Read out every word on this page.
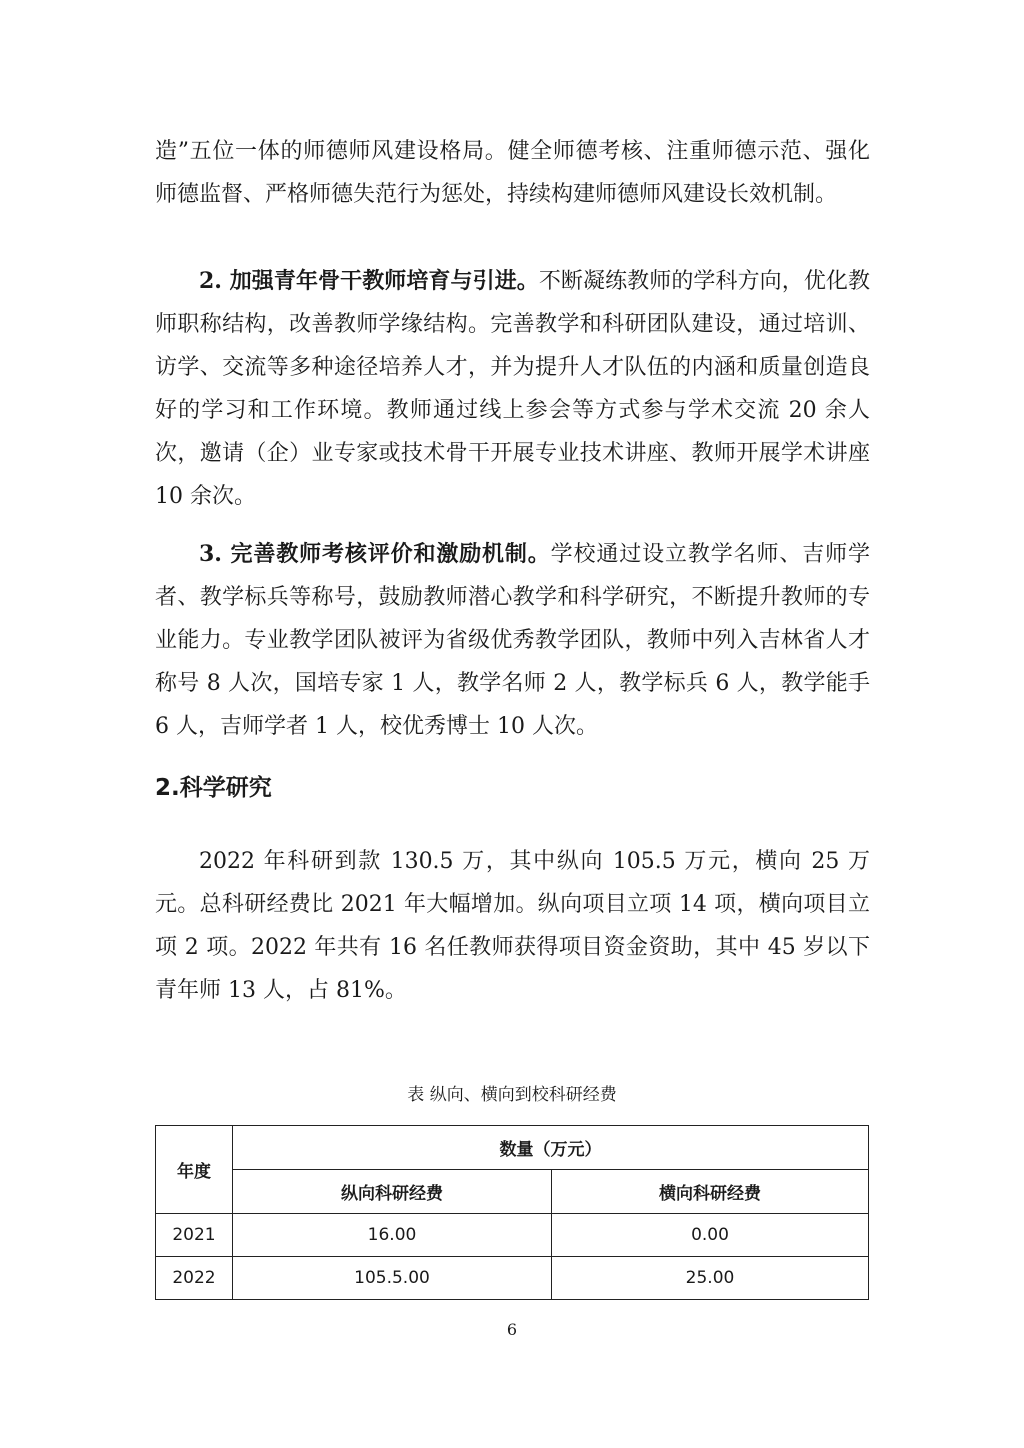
造”五位一体的师德师风建设格局。健全师德考核、注重师德示范、强化师德监督、严格师德失范行为惩处，持续构建师德师风建设长效机制。
2. 加强青年骨干教师培育与引进。不断凝练教师的学科方向，优化教师职称结构，改善教师学缘结构。完善教学和科研团队建设，通过培训、访学、交流等多种途径培养人才，并为提升人才队伍的内涵和质量创造良好的学习和工作环境。教师通过线上参会等方式参与学术交流 20 余人次，邀请（企）业专家或技术骨干开展专业技术讲座、教师开展学术讲座 10 余次。
3. 完善教师考核评价和激励机制。学校通过设立教学名师、吉师学者、教学标兵等称号，鼓励教师潜心教学和科学研究，不断提升教师的专业能力。专业教学团队被评为省级优秀教学团队，教师中列入吉林省人才称号 8 人次，国培专家 1 人，教学名师 2 人，教学标兵 6 人，教学能手 6 人，吉师学者 1 人，校优秀博士 10 人次。
2.科学研究
2022 年科研到款 130.5 万，其中纵向 105.5 万元，横向 25 万元。总科研经费比 2021 年大幅增加。纵向项目立项 14 项，横向项目立项 2 项。2022 年共有 16 名任教师获得项目资金资助，其中 45 岁以下青年师 13 人，占 81%。
表 纵向、横向到校科研经费
年度	数量（万元）	
	纵向科研经费	横向科研经费
2021	16.00	0.00
2022	105.5.00	25.00
6
